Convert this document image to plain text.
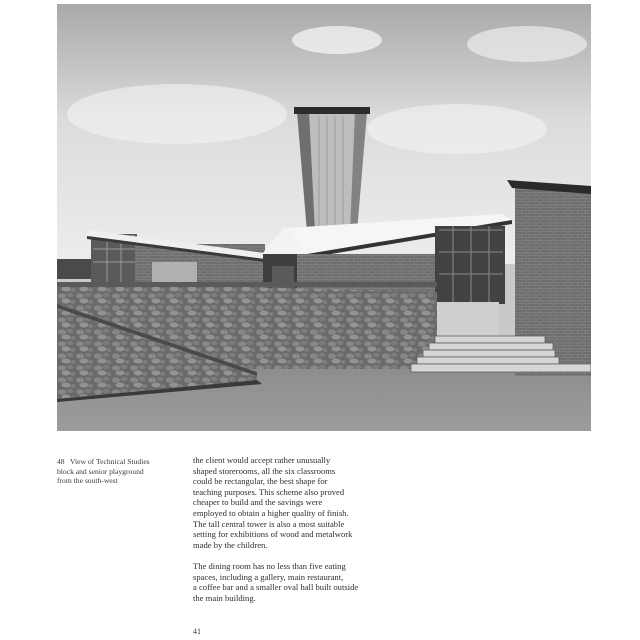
48 View of Technical Studies
block and senior playground
from the south-west

the client would accept rather unusually
shaped storerooms, all the six classrooms
could be rectangular, the best shape for
teaching purposes. This scheme also proved
cheaper to build and the savings were
employed to obtain a higher quality of finish.
The tall central tower is also a most suitable
setting for exhibitions of wood and metalwork
made by the children.

The dining room has no less than five eating
spaces, including a gallery, main restaurant,
a coffee bar and a smaller oval hall built outside
the main building.

41
